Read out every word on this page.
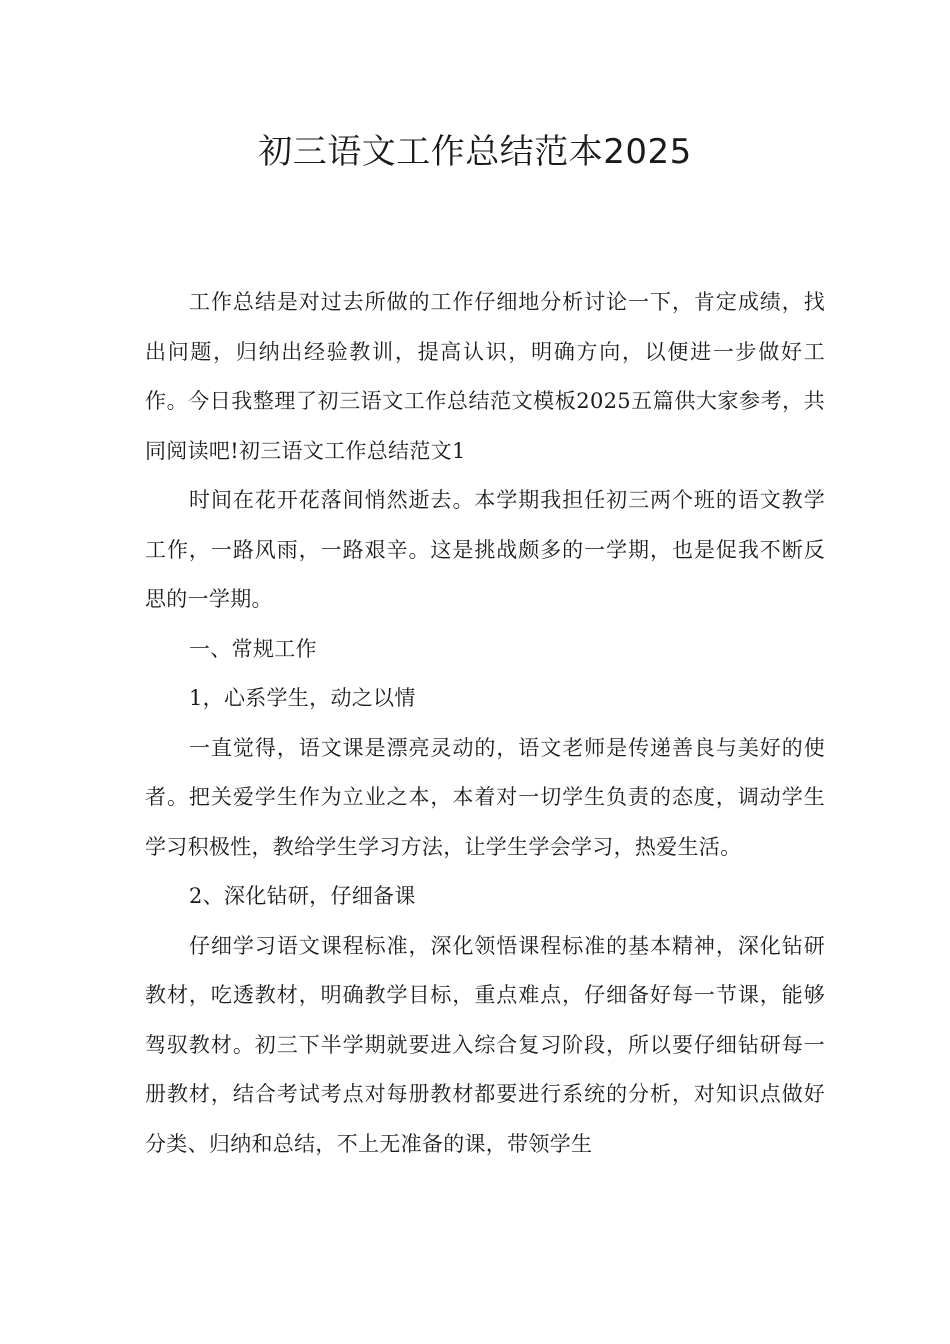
初三语文工作总结范本2025

工作总结是对过去所做的工作仔细地分析讨论一下，肯定成绩，找出问题，归纳出经验教训，提高认识，明确方向，以便进一步做好工作。今日我整理了初三语文工作总结范文模板2025五篇供大家参考，共同阅读吧!初三语文工作总结范文1

时间在花开花落间悄然逝去。本学期我担任初三两个班的语文教学工作，一路风雨，一路艰辛。这是挑战颇多的一学期，也是促我不断反思的一学期。

一、常规工作

1，心系学生，动之以情

一直觉得，语文课是漂亮灵动的，语文老师是传递善良与美好的使者。把关爱学生作为立业之本，本着对一切学生负责的态度，调动学生学习积极性，教给学生学习方法，让学生学会学习，热爱生活。

2、深化钻研，仔细备课

仔细学习语文课程标准，深化领悟课程标准的基本精神，深化钻研教材，吃透教材，明确教学目标，重点难点，仔细备好每一节课，能够驾驭教材。初三下半学期就要进入综合复习阶段，所以要仔细钻研每一册教材，结合考试考点对每册教材都要进行系统的分析，对知识点做好分类、归纳和总结，不上无准备的课，带领学生
